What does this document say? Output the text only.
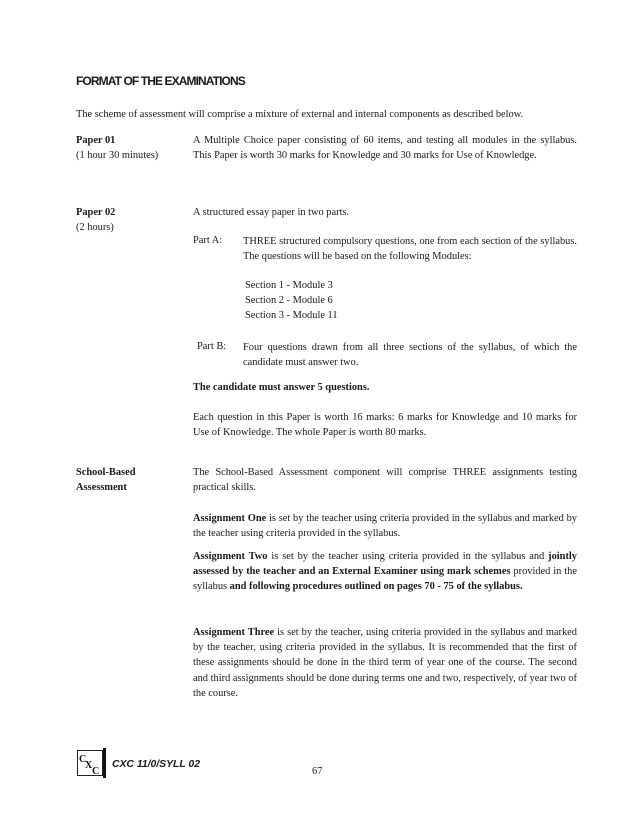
FORMAT OF THE EXAMINATIONS
The scheme of assessment will comprise a mixture of external and internal components as described below.
Paper 01
(1 hour 30 minutes)
A Multiple Choice paper consisting of 60 items, and testing all modules in the syllabus. This Paper is worth 30 marks for Knowledge and 30 marks for Use of Knowledge.
Paper 02
(2 hours)
A structured essay paper in two parts.
Part A: THREE structured compulsory questions, one from each section of the syllabus. The questions will be based on the following Modules:
Section 1 - Module 3
Section 2 - Module 6
Section 3 - Module 11
Part B: Four questions drawn from all three sections of the syllabus, of which the candidate must answer two.
The candidate must answer 5 questions.
Each question in this Paper is worth 16 marks: 6 marks for Knowledge and 10 marks for Use of Knowledge. The whole Paper is worth 80 marks.
School-Based
Assessment
The School-Based Assessment component will comprise THREE assignments testing practical skills.
Assignment One is set by the teacher using criteria provided in the syllabus and marked by the teacher using criteria provided in the syllabus.
Assignment Two is set by the teacher using criteria provided in the syllabus and jointly assessed by the teacher and an External Examiner using mark schemes provided in the syllabus and following procedures outlined on pages 70 - 75 of the syllabus.
Assignment Three is set by the teacher, using criteria provided in the syllabus and marked by the teacher, using criteria provided in the syllabus. It is recommended that the first of these assignments should be done in the third term of year one of the course. The second and third assignments should be done during terms one and two, respectively, of year two of the course.
C
X
C
CXC 11/0/SYLL 02
67
